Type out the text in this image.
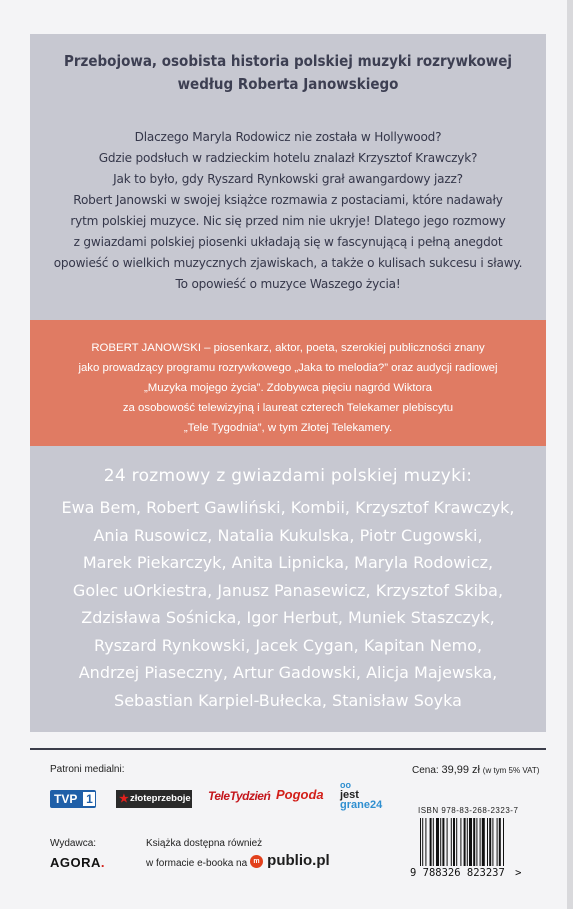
Przebojowa, osobista historia polskiej muzyki rozrywkowej
według Roberta Janowskiego
Dlaczego Maryla Rodowicz nie została w Hollywood?
Gdzie podsłuch w radzieckim hotelu znalazł Krzysztof Krawczyk?
Jak to było, gdy Ryszard Rynkowski grał awangardowy jazz?
Robert Janowski w swojej książce rozmawia z postaciami, które nadawały
rytm polskiej muzyce. Nic się przed nim nie ukryje! Dlatego jego rozmowy
z gwiazdami polskiej piosenki układają się w fascynującą i pełną anegdot
opowieść o wielkich muzycznych zjawiskach, a także o kulisach sukcesu i sławy.
To opowieść o muzyce Waszego życia!
ROBERT JANOWSKI – piosenkarz, aktor, poeta, szerokiej publiczności znany
jako prowadzący programu rozrywkowego „Jaka to melodia?” oraz audycji radiowej
„Muzyka mojego życia”. Zdobywca pięciu nagród Wiktora
za osobowość telewizyjną i laureat czterech Telekamer plebiscytu
„Tele Tygodnia”, w tym Złotej Telekamery.
24 rozmowy z gwiazdami polskiej muzyki:
Ewa Bem, Robert Gawliński, Kombii, Krzysztof Krawczyk,
Ania Rusowicz, Natalia Kukulska, Piotr Cugowski,
Marek Piekarczyk, Anita Lipnicka, Maryla Rodowicz,
Golec uOrkiestra, Janusz Panasewicz, Krzysztof Skiba,
Zdzisława Sośnicka, Igor Herbut, Muniek Staszczyk,
Ryszard Rynkowski, Jacek Cygan, Kapitan Nemo,
Andrzej Piaseczny, Artur Gadowski, Alicja Majewska,
Sebastian Karpiel-Bułecka, Stanisław Soyka
Patroni medialni:
TVP 1 ★ złoteprzeboje TeleTydzień Pogoda
oo
jest
grane24
Cena: 39,99 zł (w tym 5% VAT)
ISBN 978-83-268-2323-7
9 788326 823237 >
Wydawca:
AGORA.
Książka dostępna również
w formacie e-booka na m publio.pl
